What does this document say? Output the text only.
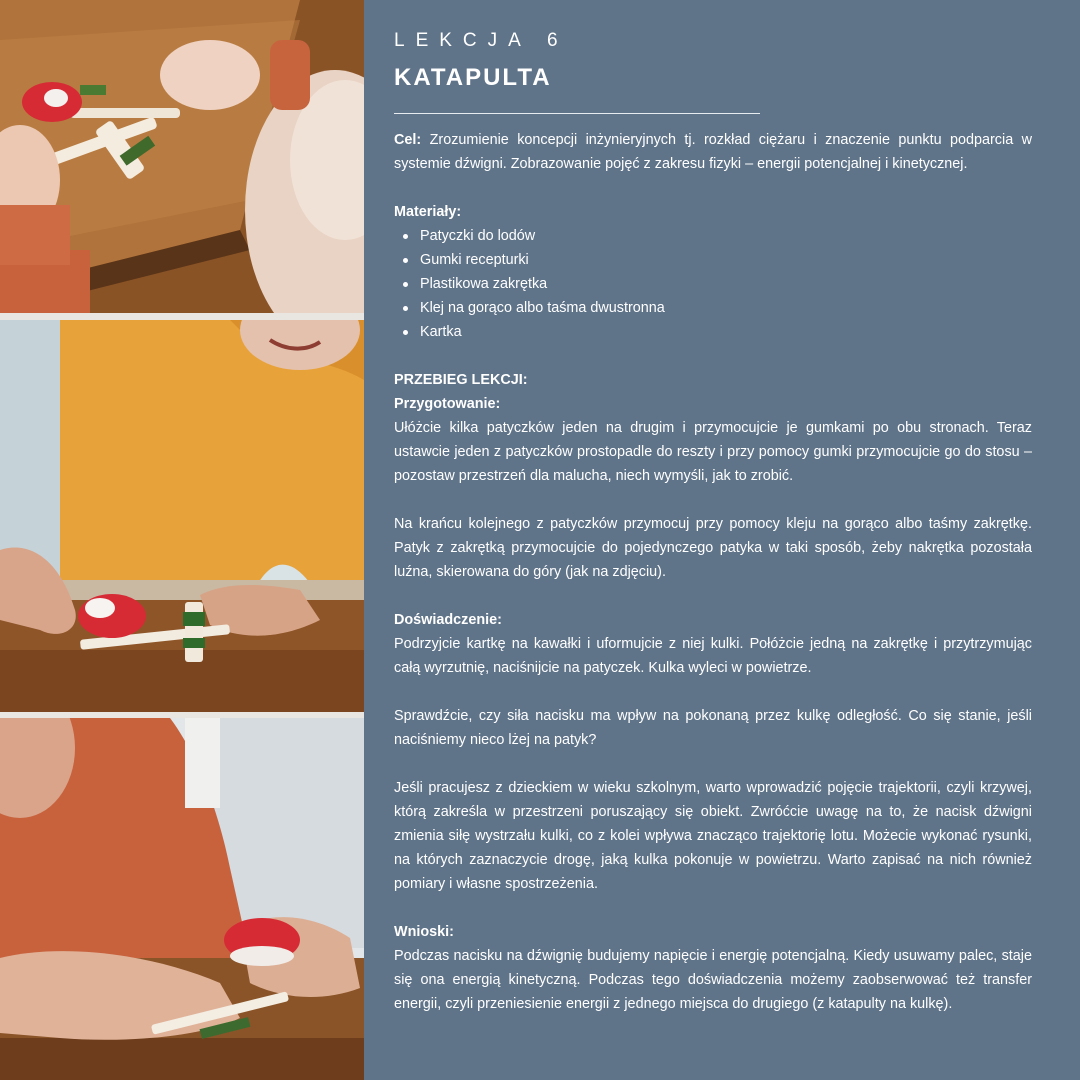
LEKCJA 6

KATAPULTA

Cel: Zrozumienie koncepcji inżynieryjnych tj. rozkład ciężaru i znaczenie punktu podparcia w systemie dźwigni. Zobrazowanie pojęć z zakresu fizyki – energii potencjalnej i kinetycznej.

Materiały:

Patyczki do lodów
Gumki recepturki
Plastikowa zakrętka
Klej na gorąco albo taśma dwustronna
Kartka

PRZEBIEG LEKCJI:

Przygotowanie:

Ułóżcie kilka patyczków jeden na drugim i przymocujcie je gumkami po obu stronach. Teraz ustawcie jeden z patyczków prostopadle do reszty i przy pomocy gumki przymocujcie go do stosu – pozostaw przestrzeń dla malucha, niech wymyśli, jak to zrobić.

Na krańcu kolejnego z patyczków przymocuj przy pomocy kleju na gorąco albo taśmy zakrętkę. Patyk z zakrętką przymocujcie do pojedynczego patyka w taki sposób, żeby nakrętka pozostała luźna, skierowana do góry (jak na zdjęciu).

Doświadczenie:

Podrzyjcie kartkę na kawałki i uformujcie z niej kulki. Połóżcie jedną na zakrętkę i przytrzymując całą wyrzutnię, naciśnijcie na patyczek. Kulka wyleci w powietrze.

Sprawdźcie, czy siła nacisku ma wpływ na pokonaną przez kulkę odległość. Co się stanie, jeśli naciśniemy nieco lżej na patyk?

Jeśli pracujesz z dzieckiem w wieku szkolnym, warto wprowadzić pojęcie trajektorii, czyli krzywej, którą zakreśla w przestrzeni poruszający się obiekt. Zwróćcie uwagę na to, że nacisk dźwigni zmienia siłę wystrzału kulki, co z kolei wpływa znacząco trajektorię lotu. Możecie wykonać rysunki, na których zaznaczycie drogę, jaką kulka pokonuje w powietrzu. Warto zapisać na nich również pomiary i własne spostrzeżenia.

Wnioski:

Podczas nacisku na dźwignię budujemy napięcie i energię potencjalną. Kiedy usuwamy palec, staje się ona energią kinetyczną. Podczas tego doświadczenia możemy zaobserwować też transfer energii, czyli przeniesienie energii z jednego miejsca do drugiego (z katapulty na kulkę).
